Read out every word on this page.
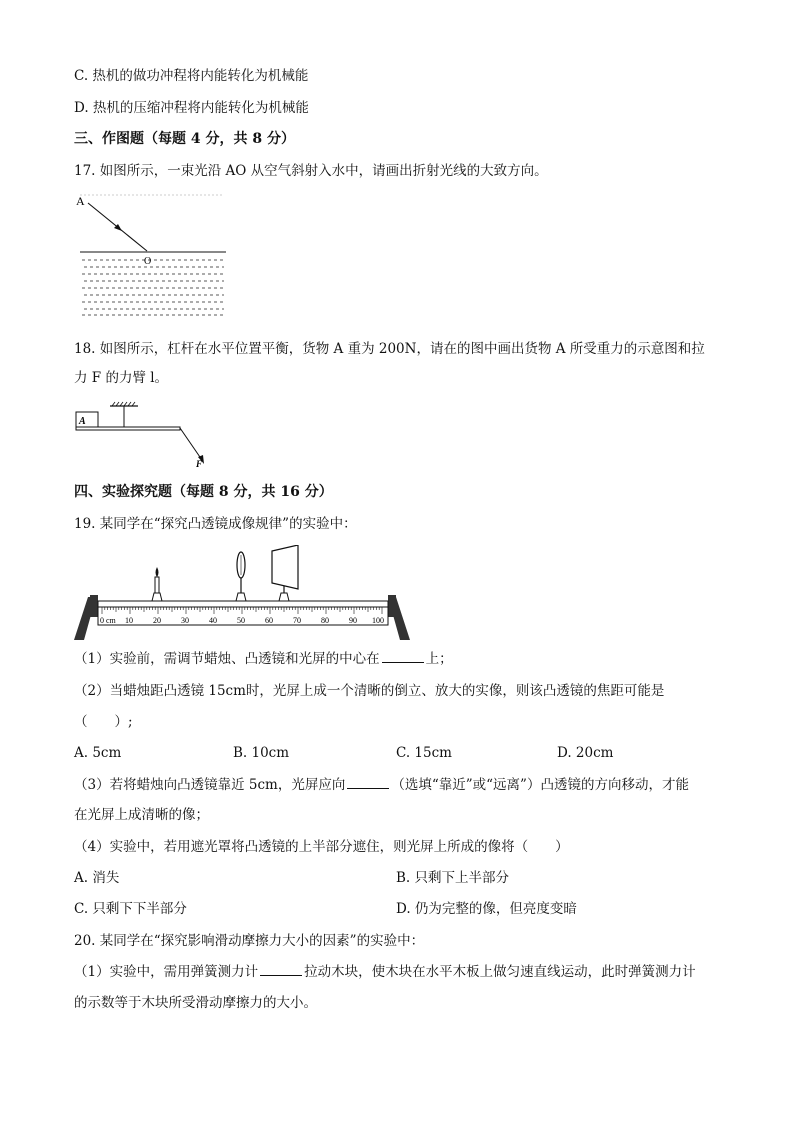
C. 热机的做功冲程将内能转化为机械能
D. 热机的压缩冲程将内能转化为机械能
三、作图题（每题 4 分，共 8 分）
17. 如图所示，一束光沿 AO 从空气斜射入水中，请画出折射光线的大致方向。
A
O
18. 如图所示，杠杆在水平位置平衡，货物 A 重为 200N，请在的图中画出货物 A 所受重力的示意图和拉
力 F 的力臂 l。
A
F
四、实验探究题（每题 8 分，共 16 分）
19. 某同学在“探究凸透镜成像规律”的实验中：
0 cm 10	20	30	40	50	60	70	80	90 100
（1）实验前，需调节蜡烛、凸透镜和光屏的中心在	上；
（2）当蜡烛距凸透镜 15cm时，光屏上成一个清晰的倒立、放大的实像，则该凸透镜的焦距可能是
（　　）;
A. 5cm	B. 10cm	C. 15cm	D. 20cm
（3）若将蜡烛向凸透镜靠近 5cm，光屏应向	（选填“靠近”或“远离”）凸透镜的方向移动，才能
在光屏上成清晰的像；
（4）实验中，若用遮光罩将凸透镜的上半部分遮住，则光屏上所成的像将（　　）
A. 消失	B. 只剩下上半部分
C. 只剩下下半部分	D. 仍为完整的像，但亮度变暗
20. 某同学在“探究影响滑动摩擦力大小的因素”的实验中：
（1）实验中，需用弹簧测力计	拉动木块，使木块在水平木板上做匀速直线运动，此时弹簧测力计
的示数等于木块所受滑动摩擦力的大小。
